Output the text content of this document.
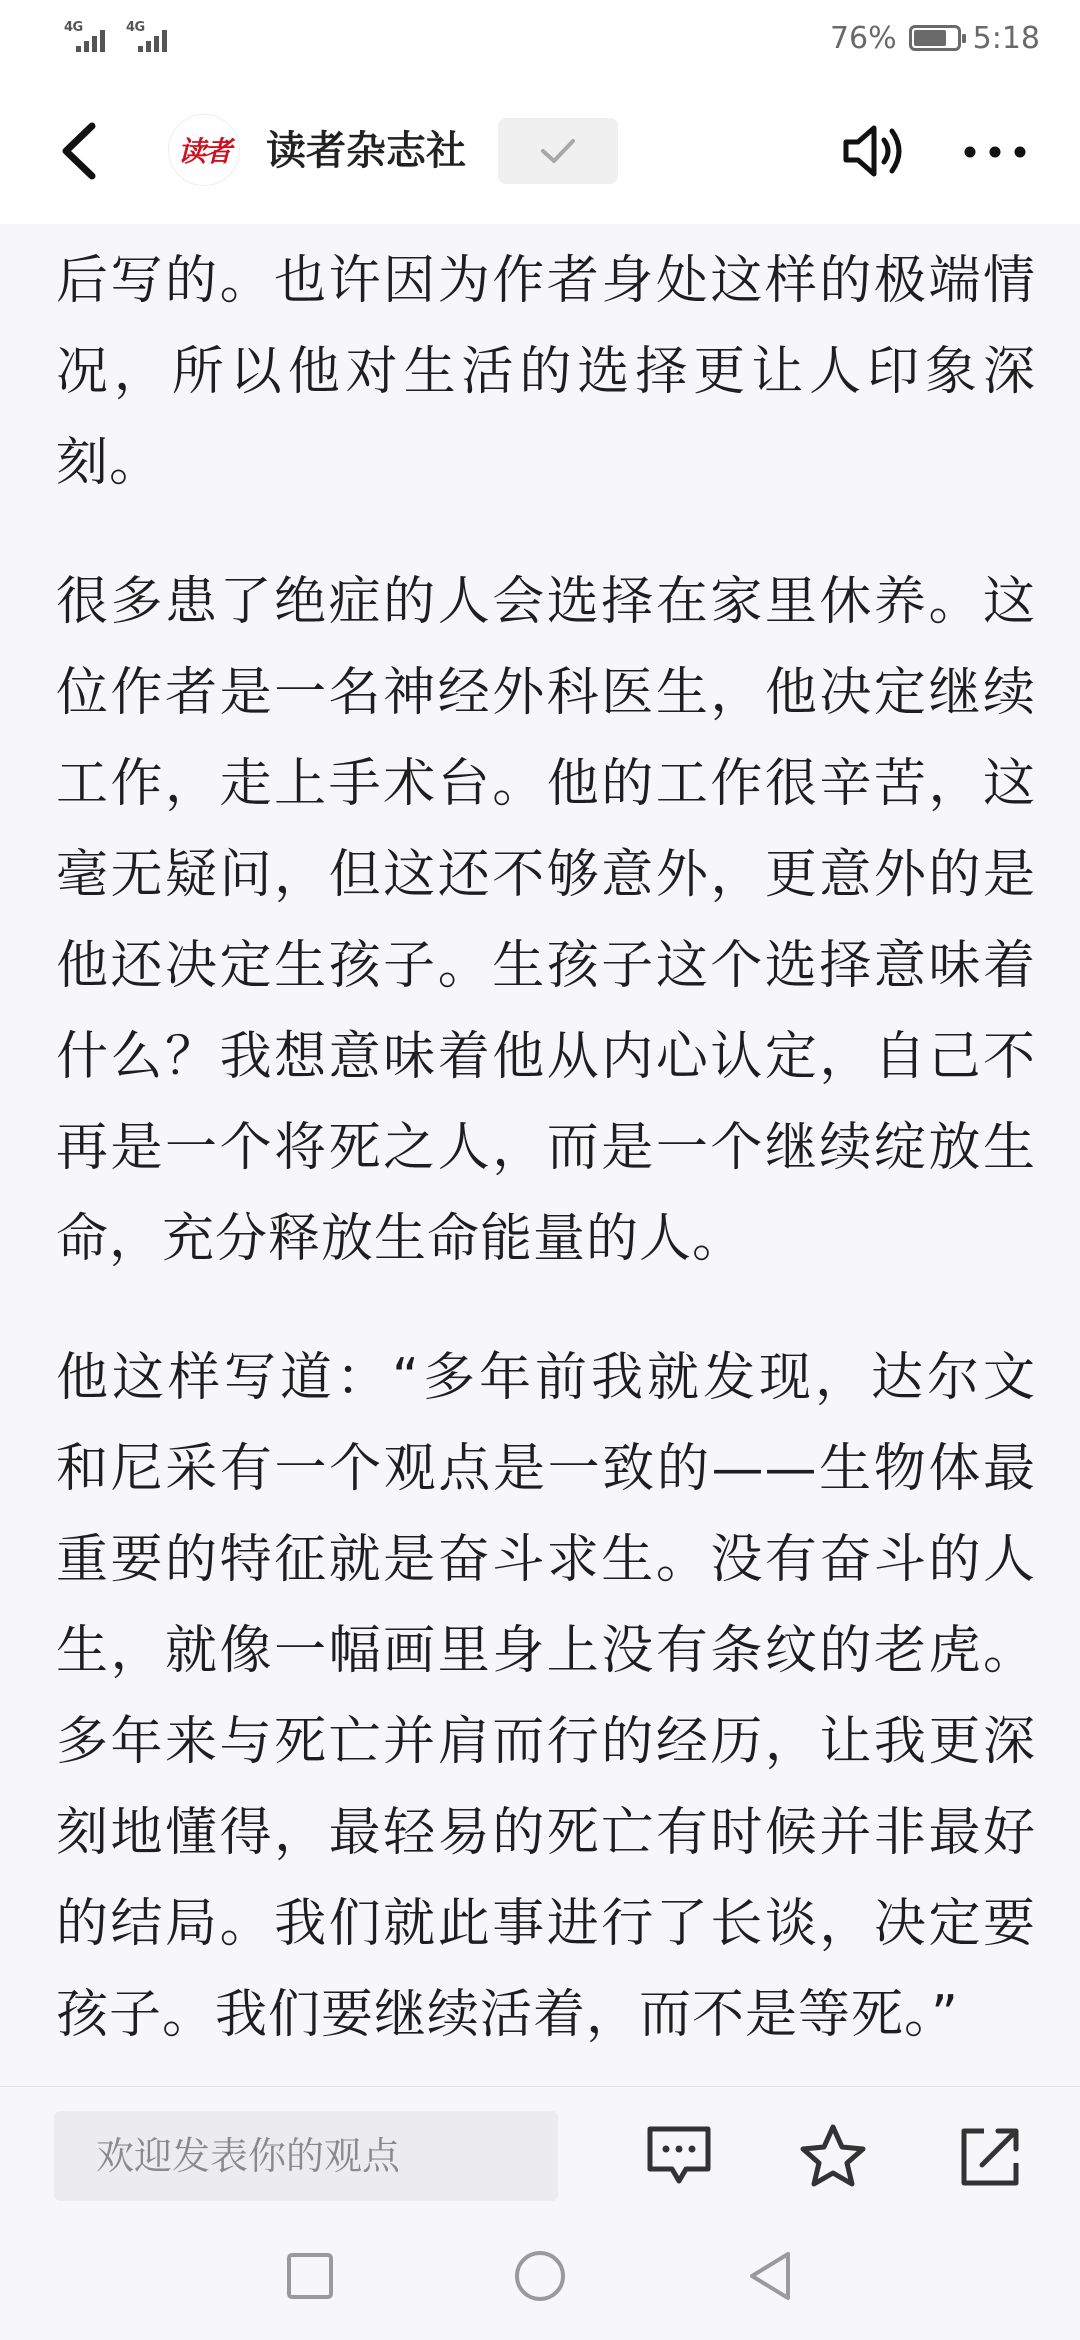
4G	4G	76%	5:18
读者 读者杂志社

后写的。也许因为作者身处这样的极端情况，所以他对生活的选择更让人印象深刻。

很多患了绝症的人会选择在家里休养。这位作者是一名神经外科医生，他决定继续工作，走上手术台。他的工作很辛苦，这毫无疑问，但这还不够意外，更意外的是他还决定生孩子。生孩子这个选择意味着什么？我想意味着他从内心认定，自己不再是一个将死之人，而是一个继续绽放生命，充分释放生命能量的人。

他这样写道：“多年前我就发现，达尔文和尼采有一个观点是一致的——生物体最重要的特征就是奋斗求生。没有奋斗的人生，就像一幅画里身上没有条纹的老虎。多年来与死亡并肩而行的经历，让我更深刻地懂得，最轻易的死亡有时候并非最好的结局。我们就此事进行了长谈，决定要孩子。我们要继续活着，而不是等死。”

欢迎发表你的观点
